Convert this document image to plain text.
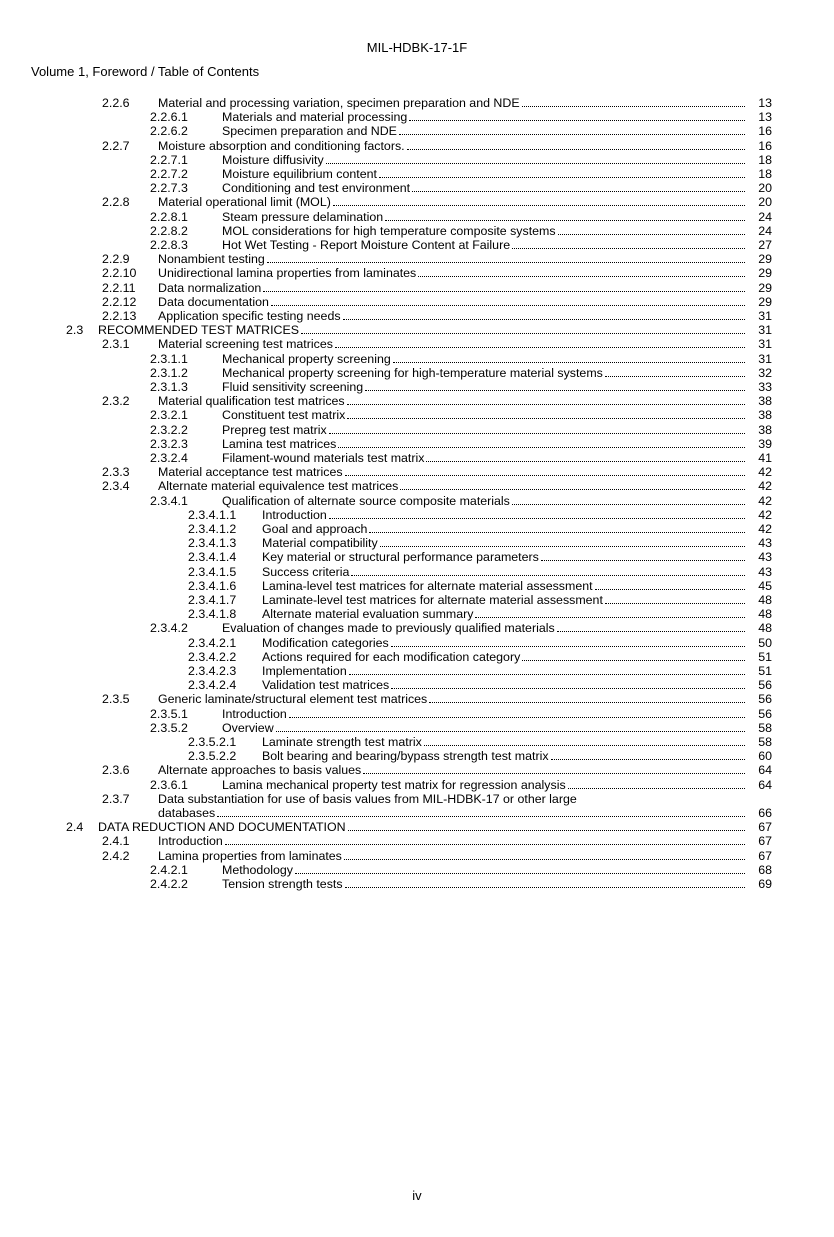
MIL-HDBK-17-1F
Volume 1, Foreword / Table of Contents
2.2.6 Material and processing variation, specimen preparation and NDE	13
2.2.6.1	Materials and material processing	13
2.2.6.2	Specimen preparation and NDE	16
2.2.7 Moisture absorption and conditioning factors.	16
2.2.7.1	Moisture diffusivity	18
2.2.7.2	Moisture equilibrium content	18
2.2.7.3	Conditioning and test environment	20
2.2.8 Material operational limit (MOL)	20
2.2.8.1	Steam pressure delamination	24
2.2.8.2	MOL considerations for high temperature composite systems	24
2.2.8.3	Hot Wet Testing - Report Moisture Content at Failure	27
2.2.9 Nonambient testing	29
2.2.10 Unidirectional lamina properties from laminates	29
2.2.11 Data normalization	29
2.2.12 Data documentation	29
2.2.13 Application specific testing needs	31
2.3 RECOMMENDED TEST MATRICES	31
2.3.1 Material screening test matrices	31
2.3.1.1	Mechanical property screening	31
2.3.1.2	Mechanical property screening for high-temperature material systems	32
2.3.1.3	Fluid sensitivity screening	33
2.3.2 Material qualification test matrices	38
2.3.2.1	Constituent test matrix	38
2.3.2.2	Prepreg test matrix	38
2.3.2.3	Lamina test matrices	39
2.3.2.4	Filament-wound materials test matrix	41
2.3.3 Material acceptance test matrices	42
2.3.4 Alternate material equivalence test matrices	42
2.3.4.1	Qualification of alternate source composite materials	42
2.3.4.1.1 Introduction	42
2.3.4.1.2 Goal and approach	42
2.3.4.1.3 Material compatibility	43
2.3.4.1.4 Key material or structural performance parameters	43
2.3.4.1.5 Success criteria	43
2.3.4.1.6 Lamina-level test matrices for alternate material assessment	45
2.3.4.1.7 Laminate-level test matrices for alternate material assessment	48
2.3.4.1.8 Alternate material evaluation summary	48
2.3.4.2	Evaluation of changes made to previously qualified materials	48
2.3.4.2.1 Modification categories	50
2.3.4.2.2 Actions required for each modification category	51
2.3.4.2.3 Implementation	51
2.3.4.2.4 Validation test matrices	56
2.3.5 Generic laminate/structural element test matrices	56
2.3.5.1	Introduction	56
2.3.5.2	Overview	58
2.3.5.2.1 Laminate strength test matrix	58
2.3.5.2.2 Bolt bearing and bearing/bypass strength test matrix	60
2.3.6 Alternate approaches to basis values	64
2.3.6.1	Lamina mechanical property test matrix for regression analysis	64
2.3.7 Data substantiation for use of basis values from MIL-HDBK-17 or other large
databases	66
2.4 DATA REDUCTION AND DOCUMENTATION	67
2.4.1 Introduction	67
2.4.2 Lamina properties from laminates	67
2.4.2.1	Methodology	68
2.4.2.2	Tension strength tests	69
iv
